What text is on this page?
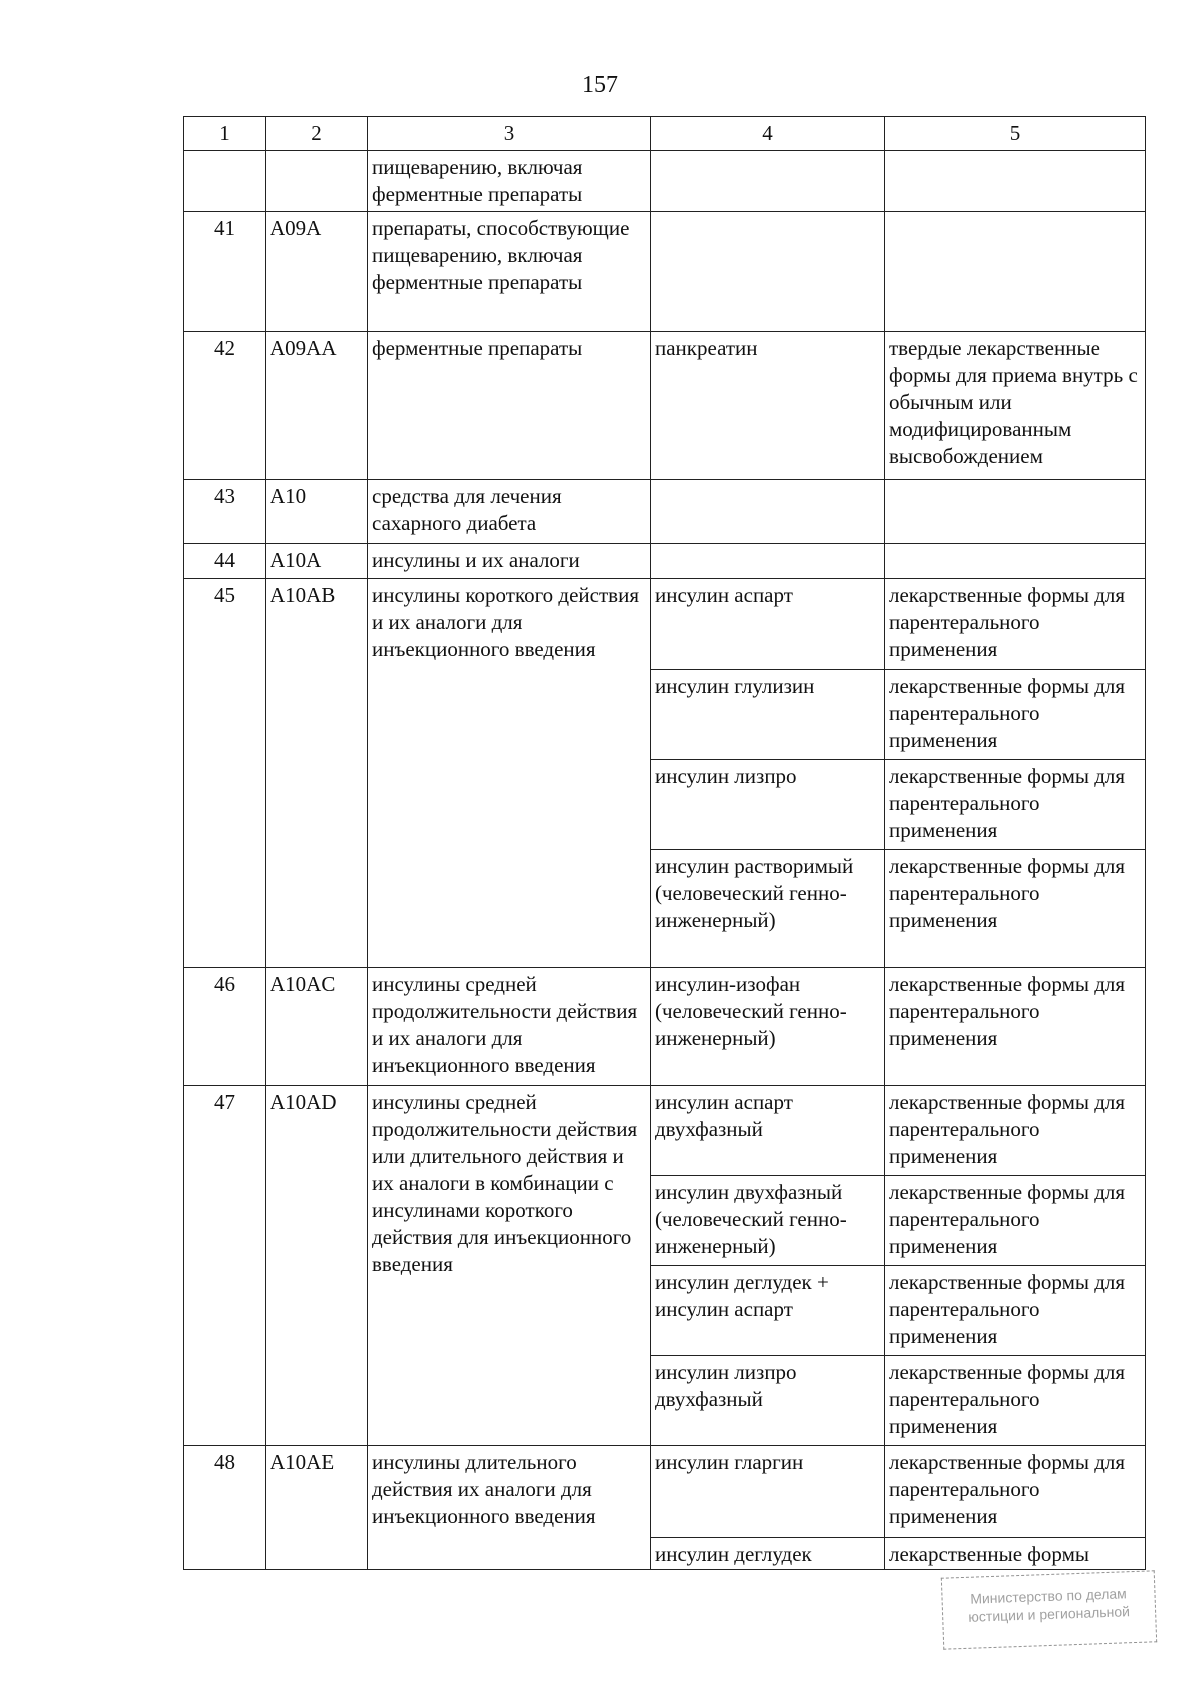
157
1	2	3	4	5
		пищеварению, включая ферментные препараты		
41	A09A	препараты, способствующие пищеварению, включая ферментные препараты		
42	A09AA	ферментные препараты	панкреатин	твердые лекарственные формы для приема внутрь с обычным или модифицированным высвобождением
43	A10	средства для лечения сахарного диабета		
44	A10A	инсулины и их аналоги		
45	A10AB	инсулины короткого действия и их аналоги для инъекционного введения	инсулин аспарт	лекарственные формы для парентерального применения
			инсулин глулизин	лекарственные формы для парентерального применения
			инсулин лизпро	лекарственные формы для парентерального применения
			инсулин растворимый (человеческий генно-инженерный)	лекарственные формы для парентерального применения
46	A10AC	инсулины средней продолжительности действия и их аналоги для инъекционного введения	инсулин-изофан (человеческий генно-инженерный)	лекарственные формы для парентерального применения
47	A10AD	инсулины средней продолжительности действия или длительного действия и их аналоги в комбинации с инсулинами короткого действия для инъекционного введения	инсулин аспарт двухфазный	лекарственные формы для парентерального применения
			инсулин двухфазный (человеческий генно-инженерный)	лекарственные формы для парентерального применения
			инсулин деглудек + инсулин аспарт	лекарственные формы для парентерального применения
			инсулин лизпро двухфазный	лекарственные формы для парентерального применения
48	A10AE	инсулины длительного действия их аналоги для инъекционного введения	инсулин гларгин	лекарственные формы для парентерального применения
			инсулин деглудек	лекарственные формы
Министерство по делам
юстиции и региональной
